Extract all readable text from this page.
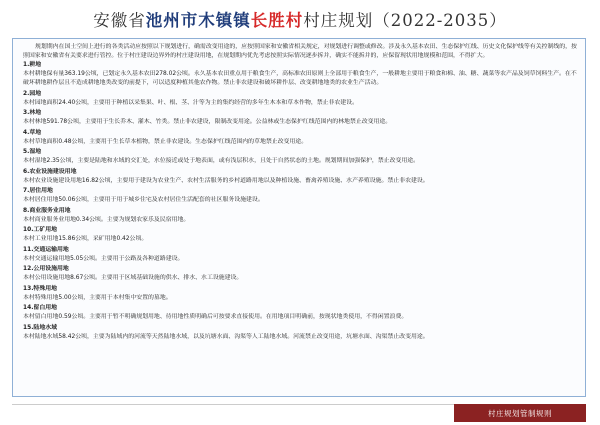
安徽省 池州市木镇镇 长胜村 村庄规划 （2022-2035）

规划期内在国土空间上进行的各类活动应按照以下规划进行，确需改变用途的，应按照国家和安徽省相关规定，对规划进行调整或修改。涉及永久基本农田、生态保护红线、历史文化保护线等有关控制线的，按照国家和安徽省有关要求进行管控。位于村庄建设边界外的村庄建设用地，在规划期内优先考虑按照实际情况逐步拆并，确实不能拆并的，应保留现状用地规模和范围，不得扩大。

1.耕地

本村耕地保有量363.19公顷，已划定永久基本农田278.02公顷。永久基本农田重点用于粮食生产，高标准农田原则上全部用于粮食生产，一般耕地主要用于粮食和棉、油、糖、蔬菜等农产品及饲草饲料生产。在不破坏耕地耕作层且不造成耕地地类改变的前提下，可以适度种植其他农作物。禁止非农建设和破坏耕作层、改变耕地地类的农业生产活动。

2.园地

本村园地面积24.40公顷，主要用于种植以采集果、叶、根、茎、汁等为主的集约经营的多年生木本和草本作物，禁止非农建设。

3.林地

本村林地591.78公顷，主要用于生长乔木、灌木、竹类。禁止非农建设，限制改变用途。公益林或生态保护红线范围内的林地禁止改变用途。

4.草地

本村草地面积0.48公顷，主要用于生长草本植物，禁止非农建设。生态保护红线范围内的草地禁止改变用途。

5.湿地

本村湿地2.35公顷，主要是陆地和水域的交汇处，水位接近或处于地表面，或有浅层积水，且处于自然状态的土地。规划期间加强保护，禁止改变用途。

6.农业设施建设用地

本村农业设施建设用地16.82公顷，主要用于建设为农业生产、农村生活服务的乡村道路用地以及种植设施、畜禽养殖设施、水产养殖设施。禁止非农建设。

7.居住用地

本村居住用地50.06公顷，主要用于用于城乡住宅及农村居住生活配套的社区服务设施建设。

8.商业服务业用地

本村商业服务业用地0.34公顷。主要为规划农家乐及民宿用地。

10.工矿用地

本村工业用地15.86公顷，采矿用地0.42公顷。

11.交通运输用地

本村交通运输用地5.05公顷。主要用于公路及各种道路建设。

12.公用设施用地

本村公用设施用地8.67公顷。主要用于区域基础设施的供水、排水、水工设施建设。

13.特殊用地

本村特殊用地5.00公顷，主要用于本村集中安置的墓地。

14.留白用地

本村留白用地0.59公顷。主要用于暂不明确规划用地、待用地性质明确后可按要求直接使用。在用地项目明确前，按现状地类使用，不得闲置浪费。

15.陆地水域

本村陆地水域58.42公顷，主要为陆域内的河流等天然陆地水域，以及坑塘水面、沟渠等人工陆地水域。河流禁止改变用途，坑塘水面、沟渠禁止改变用途。

村庄规划管制规则
